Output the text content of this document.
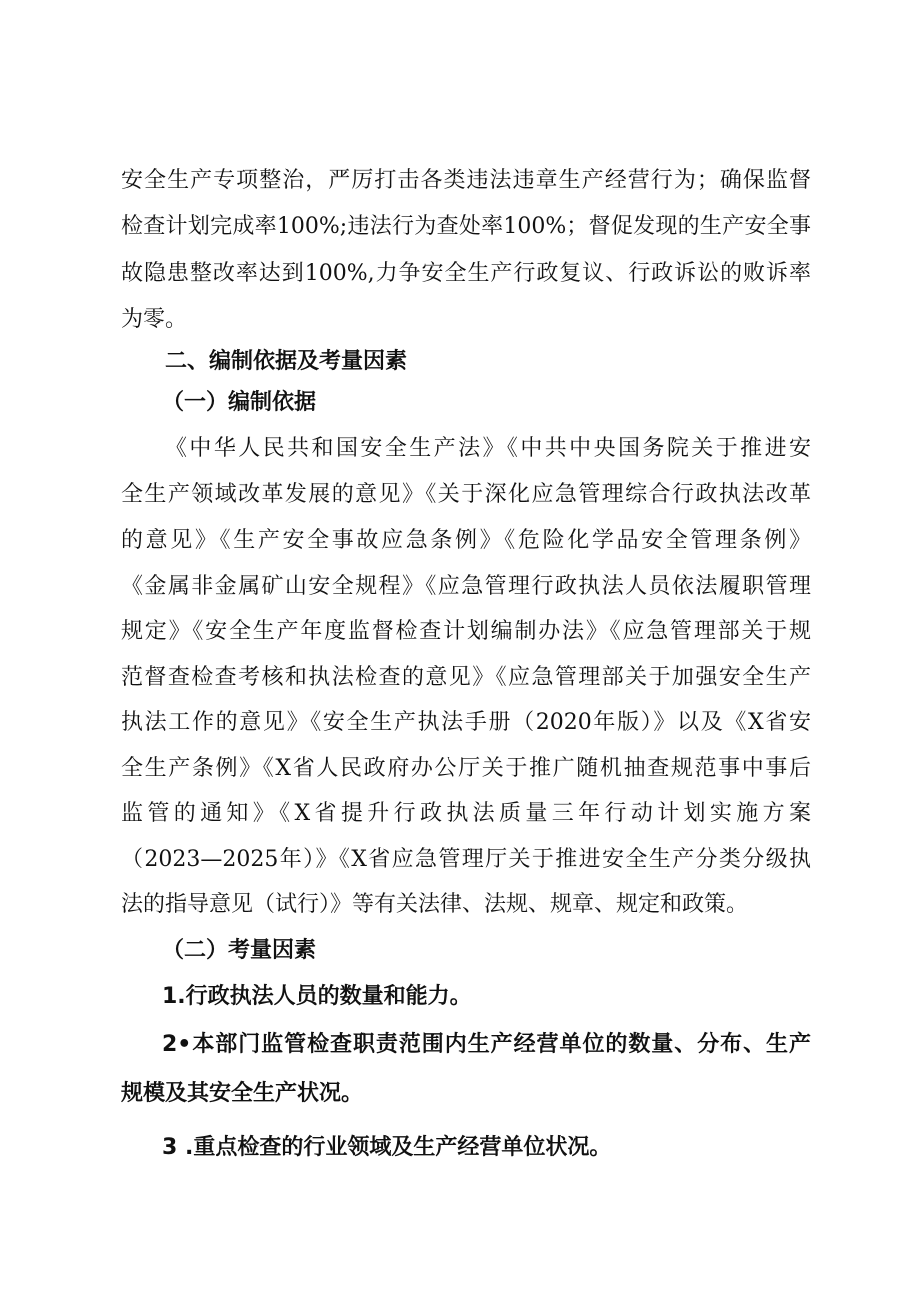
安全生产专项整治，严厉打击各类违法违章生产经营行为；确保监督
检查计划完成率100%;违法行为查处率100%；督促发现的生产安全事
故隐患整改率达到100%,力争安全生产行政复议、行政诉讼的败诉率
为零。
二、编制依据及考量因素
（一）编制依据
《中华人民共和国安全生产法》《中共中央国务院关于推进安
全生产领域改革发展的意见》《关于深化应急管理综合行政执法改革
的意见》《生产安全事故应急条例》《危险化学品安全管理条例》
《金属非金属矿山安全规程》《应急管理行政执法人员依法履职管理
规定》《安全生产年度监督检查计划编制办法》《应急管理部关于规
范督查检查考核和执法检查的意见》《应急管理部关于加强安全生产
执法工作的意见》《安全生产执法手册（2020年版）》以及《X省安
全生产条例》《X省人民政府办公厅关于推广随机抽查规范事中事后
监管的通知》《X省提升行政执法质量三年行动计划实施方案
（2023—2025年）》《X省应急管理厅关于推进安全生产分类分级执
法的指导意见（试行）》等有关法律、法规、规章、规定和政策。
（二）考量因素
1.行政执法人员的数量和能力。
2•本部门监管检查职责范围内生产经营单位的数量、分布、生产
规模及其安全生产状况。
3 .重点检查的行业领域及生产经营单位状况。
